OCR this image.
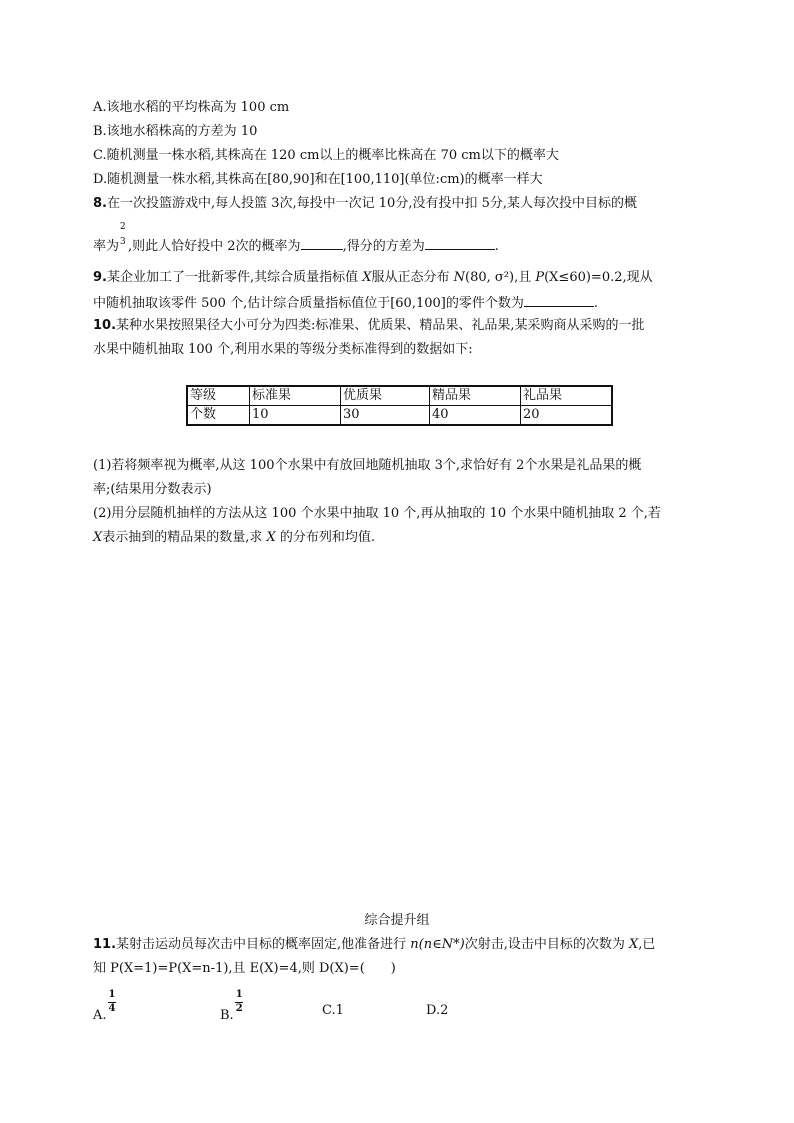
A.该地水稻的平均株高为 100 cm
B.该地水稻株高的方差为 10
C.随机测量一株水稻,其株高在 120 cm以上的概率比株高在 70 cm以下的概率大
D.随机测量一株水稻,其株高在[80,90]和在[100,110](单位:cm)的概率一样大
8.在一次投篮游戏中,每人投篮 3次,每投中一次记 10分,没有投中扣 5分,某人每次投中目标的概
率为
2
3 ,则此人恰好投中 2次的概率为	,得分的方差为	.
9.某企业加工了一批新零件,其综合质量指标值 X服从正态分布 N(80, σ²),且 P(X≤60)=0.2,现从
中随机抽取该零件 500 个,估计综合质量指标值位于[60,100]的零件个数为	.
10.某种水果按照果径大小可分为四类:标准果、优质果、精品果、礼品果,某采购商从采购的一批
水果中随机抽取 100 个,利用水果的等级分类标准得到的数据如下:
等级	标准果	优质果	精品果	礼品果
个数	10	30	40	20
(1)若将频率视为概率,从这 100个水果中有放回地随机抽取 3个,求恰好有 2个水果是礼品果的概
率;(结果用分数表示)
(2)用分层随机抽样的方法从这 100 个水果中抽取 10 个,再从抽取的 10 个水果中随机抽取 2 个,若
X表示抽到的精品果的数量,求 X 的分布列和均值.
综合提升组
11.某射击运动员每次击中目标的概率固定,他准备进行 n(n∈N*)次射击,设击中目标的次数为 X,已
知 P(X=1)=P(X=n-1),且 E(X)=4,则 D(X)=(　　)
A. $\frac{1}{4}$	B. $\frac{1}{2}$	C.1	D.2
